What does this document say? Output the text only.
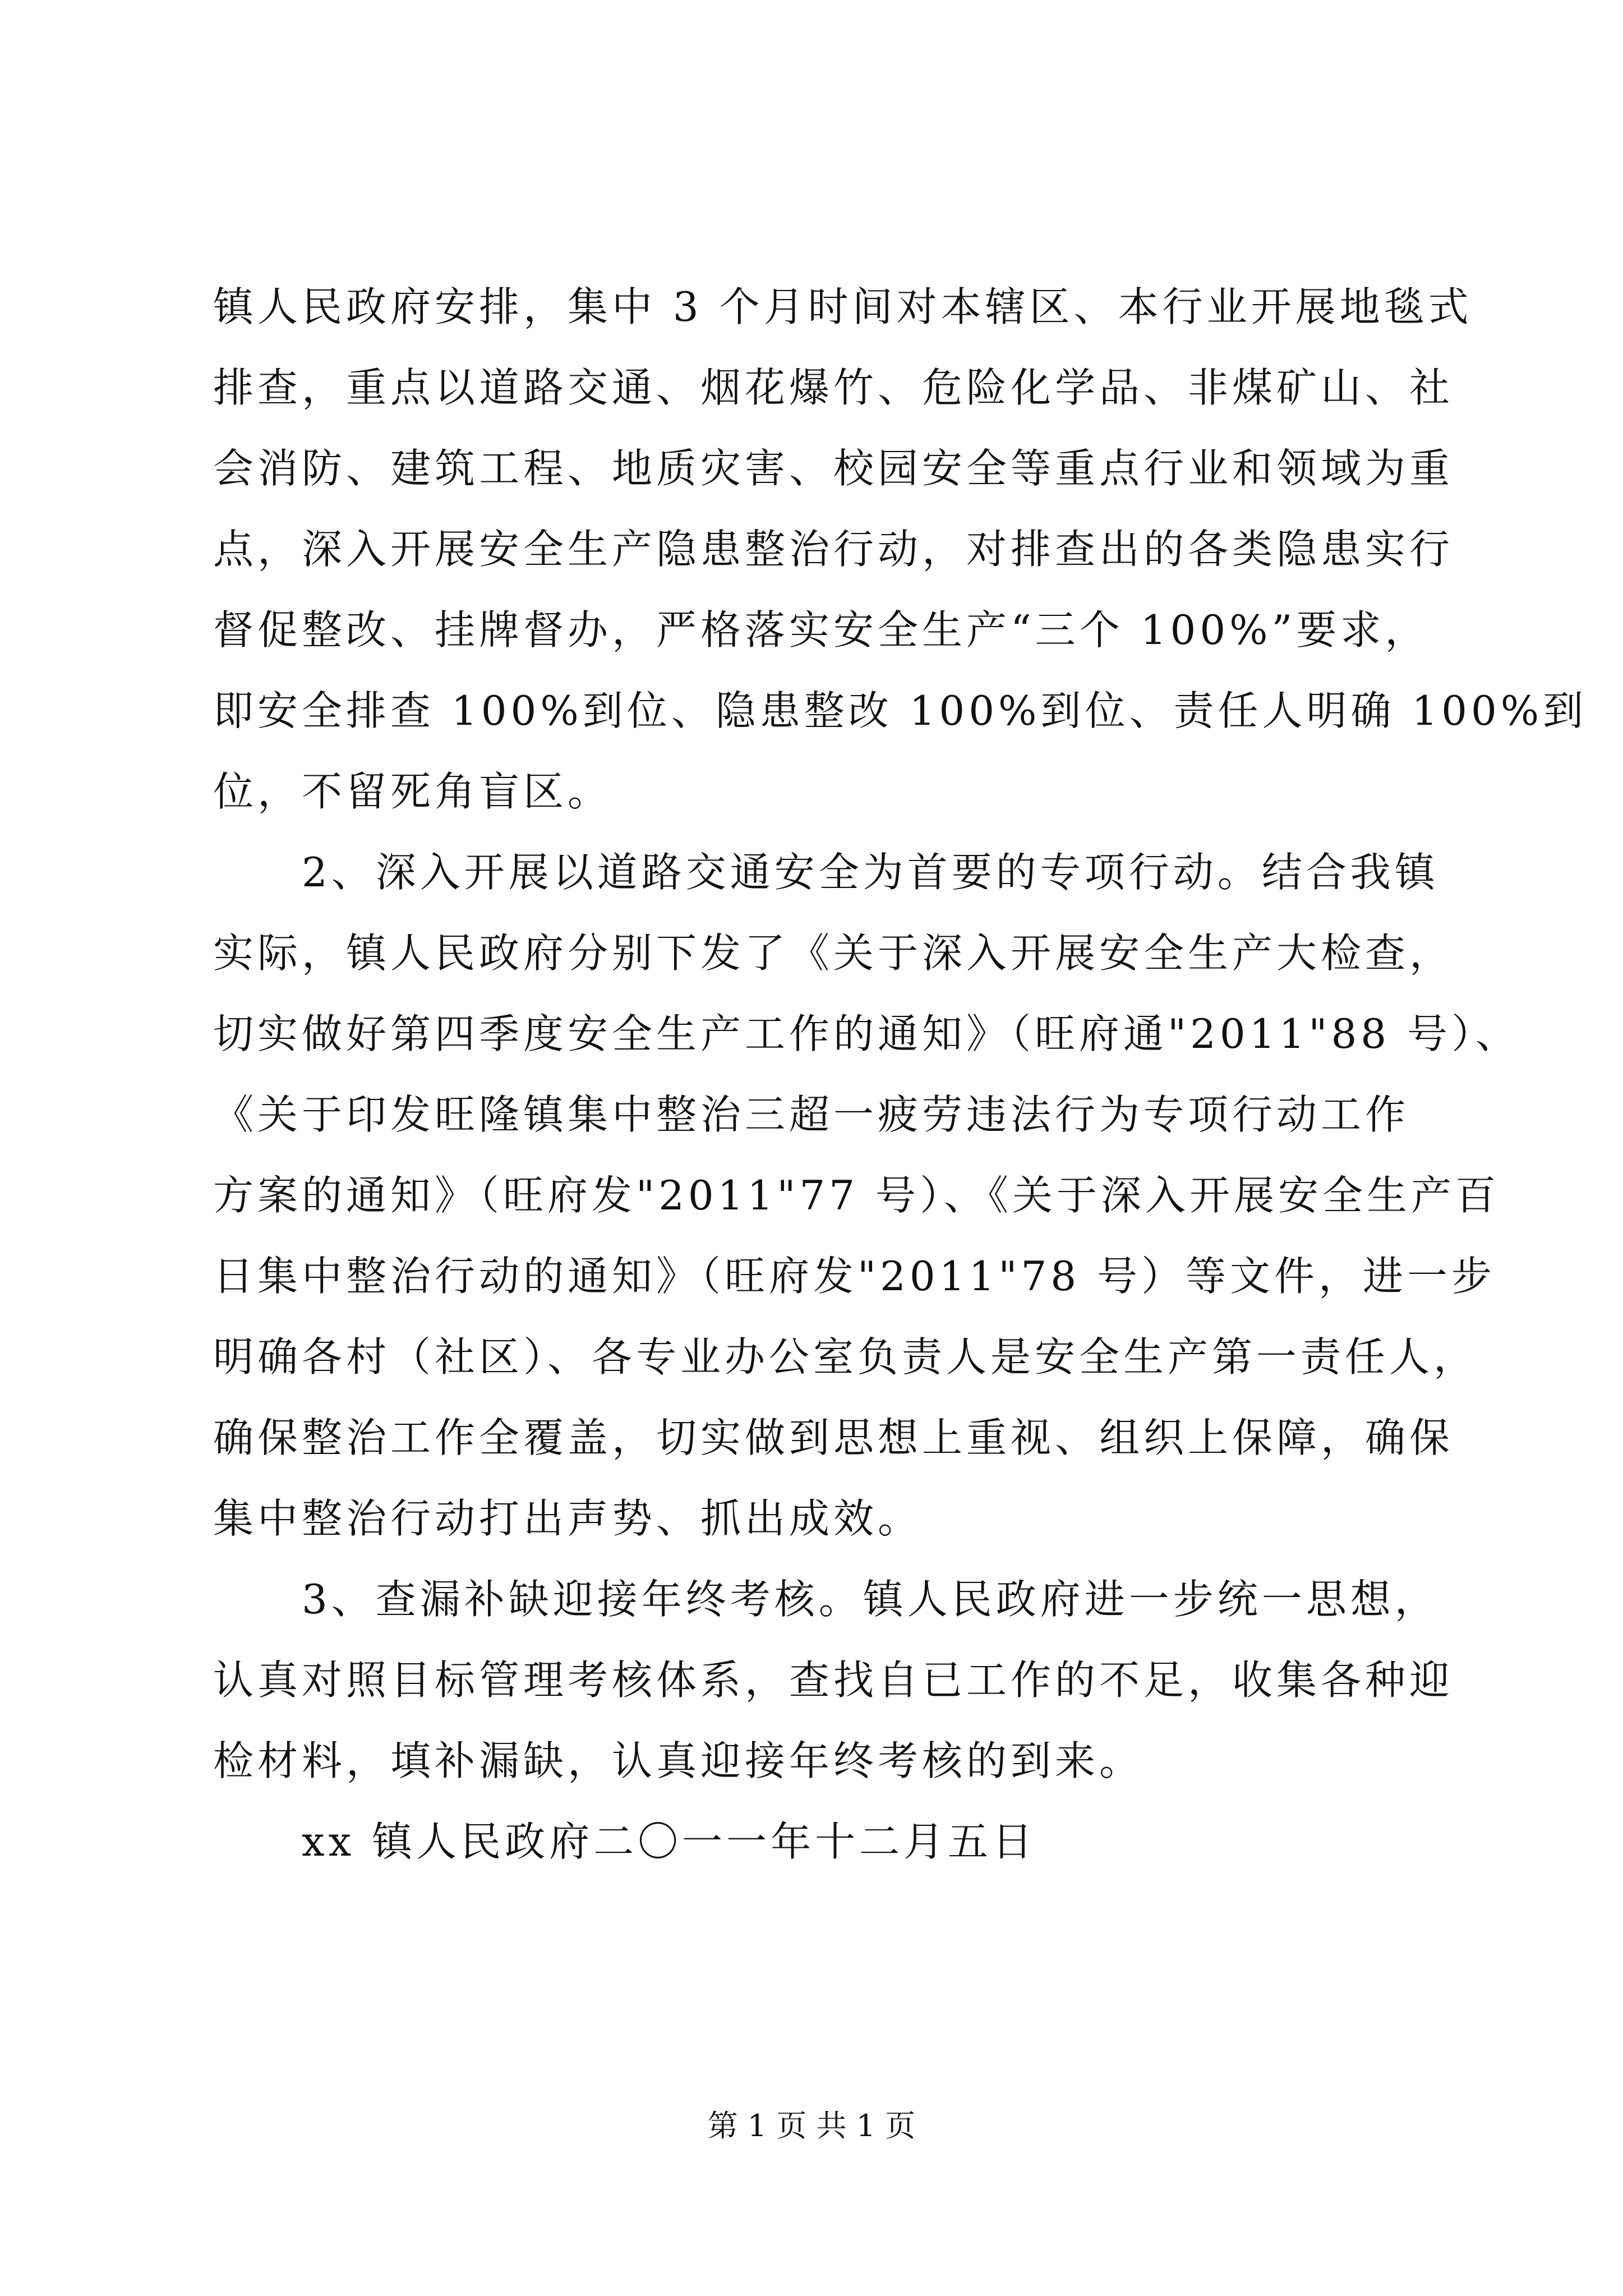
镇人民政府安排，集中 3 个月时间对本辖区、本行业开展地毯式
排查，重点以道路交通、烟花爆竹、危险化学品、非煤矿山、社
会消防、建筑工程、地质灾害、校园安全等重点行业和领域为重
点，深入开展安全生产隐患整治行动，对排查出的各类隐患实行
督促整改、挂牌督办，严格落实安全生产“三个 100%”要求，
即安全排查 100%到位、隐患整改 100%到位、责任人明确 100%到
位，不留死角盲区。
　　2、深入开展以道路交通安全为首要的专项行动。结合我镇
实际，镇人民政府分别下发了《关于深入开展安全生产大检查，
切实做好第四季度安全生产工作的通知》（旺府通"2011"88 号）、
《关于印发旺隆镇集中整治三超一疲劳违法行为专项行动工作
方案的通知》（旺府发"2011"77 号）、《关于深入开展安全生产百
日集中整治行动的通知》（旺府发"2011"78 号）等文件，进一步
明确各村（社区）、各专业办公室负责人是安全生产第一责任人，
确保整治工作全覆盖，切实做到思想上重视、组织上保障，确保
集中整治行动打出声势、抓出成效。
　　3、查漏补缺迎接年终考核。镇人民政府进一步统一思想，
认真对照目标管理考核体系，查找自已工作的不足，收集各种迎
检材料，填补漏缺，认真迎接年终考核的到来。
　　xx 镇人民政府二〇一一年十二月五日
第 1 页 共 1 页
